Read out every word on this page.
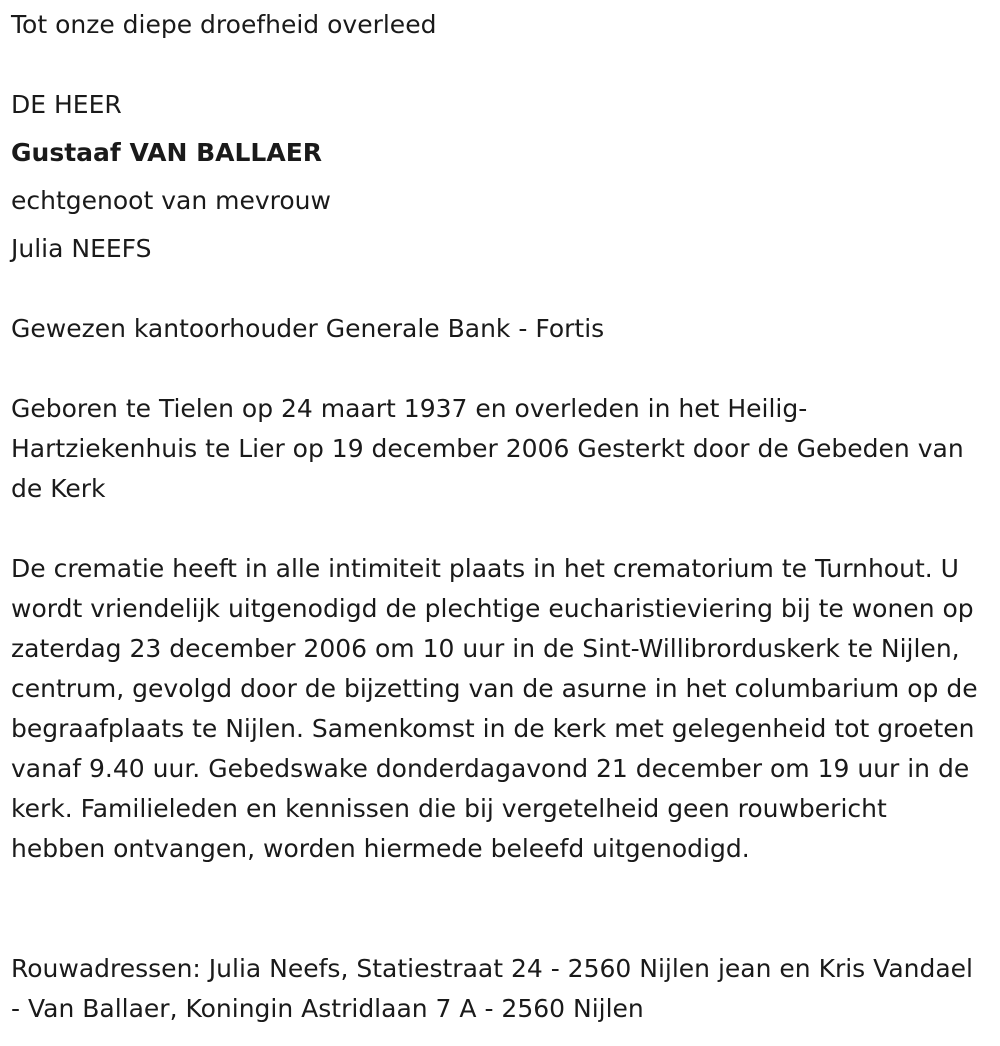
Tot onze diepe droefheid overleed
DE HEER
Gustaaf VAN BALLAER
echtgenoot van mevrouw
Julia NEEFS
Gewezen kantoorhouder Generale Bank - Fortis

Geboren te Tielen op 24 maart 1937 en overleden in het Heilig-Hartziekenhuis te Lier op 19 december 2006 Gesterkt door de Gebeden van de Kerk

De crematie heeft in alle intimiteit plaats in het crematorium te Turnhout. U wordt vriendelijk uitgenodigd de plechtige eucharistieviering bij te wonen op zaterdag 23 december 2006 om 10 uur in de Sint-Willibrorduskerk te Nijlen, centrum, gevolgd door de bijzetting van de asurne in het columbarium op de begraafplaats te Nijlen. Samenkomst in de kerk met gelegenheid tot groeten vanaf 9.40 uur. Gebedswake donderdagavond 21 december om 19 uur in de kerk. Familieleden en kennissen die bij vergetelheid geen rouwbericht hebben ontvangen, worden hiermede beleefd uitgenodigd.

Rouwadressen: Julia Neefs, Statiestraat 24 - 2560 Nijlen jean en Kris Vandael - Van Ballaer, Koningin Astridlaan 7 A - 2560 Nijlen
